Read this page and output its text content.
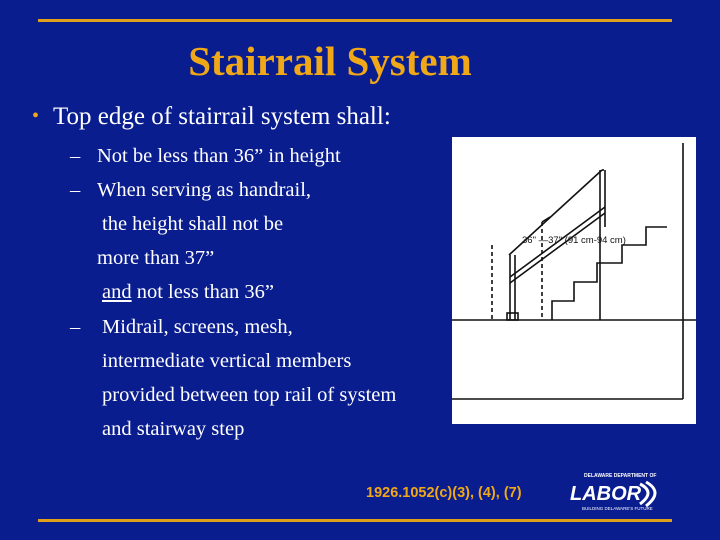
Stairrail System
• Top edge of stairrail system shall:
– Not be less than 36” in height
– When serving as handrail,
the height shall not be
more than 37”
and not less than 36”
– Midrail, screens, mesh,
intermediate vertical members
provided between top rail of system
and stairway step
36" —37" (91 cm-94 cm)
1926.1052(c)(3), (4), (7)
DELAWARE DEPARTMENT OF
LABOR
BUILDING DELAWARE'S FUTURE
